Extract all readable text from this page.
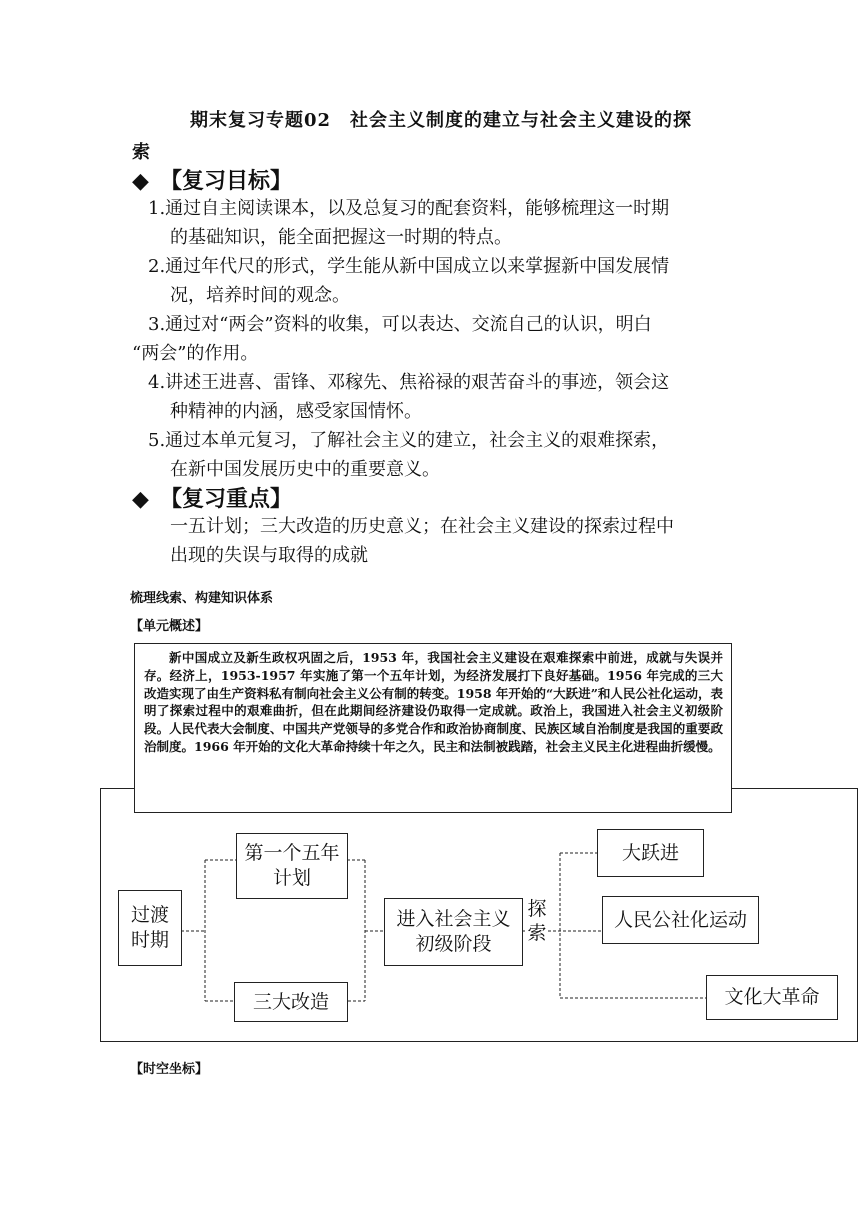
期末复习专题02　社会主义制度的建立与社会主义建设的探
索
◆ 【复习目标】
1.通过自主阅读课本，以及总复习的配套资料，能够梳理这一时期
的基础知识，能全面把握这一时期的特点。
2.通过年代尺的形式，学生能从新中国成立以来掌握新中国发展情
况，培养时间的观念。
3.通过对“两会”资料的收集，可以表达、交流自己的认识，明白
“两会”的作用。
4.讲述王进喜、雷锋、邓稼先、焦裕禄的艰苦奋斗的事迹，领会这
种精神的内涵，感受家国情怀。
5.通过本单元复习，了解社会主义的建立，社会主义的艰难探索，
在新中国发展历史中的重要意义。
◆ 【复习重点】
一五计划；三大改造的历史意义；在社会主义建设的探索过程中
出现的失误与取得的成就
梳理线索、构建知识体系
【单元概述】
新中国成立及新生政权巩固之后，1953 年，我国社会主义建设在艰难探索中前进，成就与失误并存。经济上，1953-1957 年实施了第一个五年计划，为经济发展打下良好基础。1956 年完成的三大改造实现了由生产资料私有制向社会主义公有制的转变。1958 年开始的“大跃进”和人民公社化运动，表明了探索过程中的艰难曲折，但在此期间经济建设仍取得一定成就。政治上，我国进入社会主义初级阶段。人民代表大会制度、中国共产党领导的多党合作和政治协商制度、民族区域自治制度是我国的重要政治制度。1966 年开始的文化大革命持续十年之久，民主和法制被践踏，社会主义民主化进程曲折缓慢。
过渡时期
第一个五年计划
三大改造
进入社会主义初级阶段
探索
大跃进
人民公社化运动
文化大革命
【时空坐标】
